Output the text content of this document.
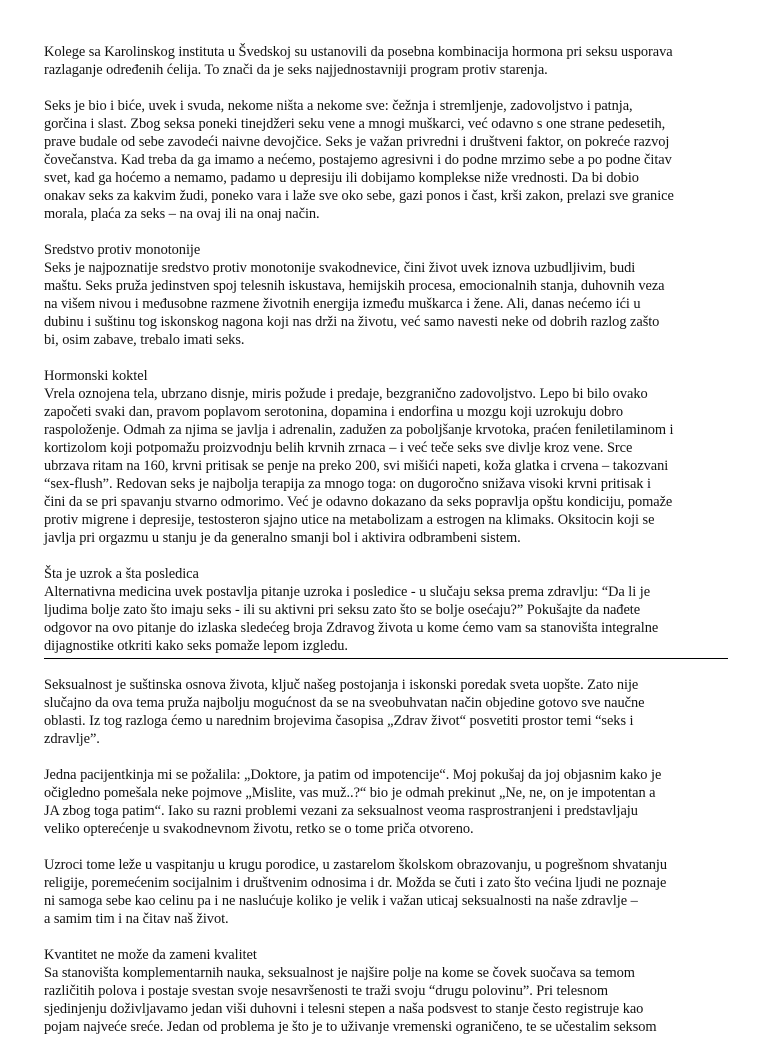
Kolege sa Karolinskog instituta u Švedskoj su ustanovili da posebna kombinacija hormona pri seksu usporava
razlaganje određenih ćelija. To znači da je seks najjednostavniji program protiv starenja.

Seks je bio i biće, uvek i svuda, nekome ništa a nekome sve: čežnja i stremljenje, zadovoljstvo i patnja,
gorčina i slast. Zbog seksa poneki tinejdžeri seku vene a mnogi muškarci, već odavno s one strane pedesetih,
prave budale od sebe zavodeći naivne devojčice. Seks je važan privredni i društveni faktor, on pokreće razvoj
čovečanstva. Kad treba da ga imamo a nećemo, postajemo agresivni i do podne mrzimo sebe a po podne čitav
svet, kad ga hoćemo a nemamo, padamo u depresiju ili dobijamo komplekse niže vrednosti. Da bi dobio
onakav seks za kakvim žudi, poneko vara i laže sve oko sebe, gazi ponos i čast, krši zakon, prelazi sve granice
morala, plaća za seks – na ovaj ili na onaj način.

Sredstvo protiv monotonije
Seks je najpoznatije sredstvo protiv monotonije svakodnevice, čini život uvek iznova uzbudljivim, budi
maštu. Seks pruža jedinstven spoj telesnih iskustava, hemijskih procesa, emocionalnih stanja, duhovnih veza
na višem nivou i međusobne razmene životnih energija između muškarca i žene. Ali, danas nećemo ići u
dubinu i suštinu tog iskonskog nagona koji nas drži na životu, već samo navesti neke od dobrih razlog zašto
bi, osim zabave, trebalo imati seks.

Hormonski koktel
Vrela oznojena tela, ubrzano disnje, miris požude i predaje, bezgranično zadovoljstvo. Lepo bi bilo ovako
započeti svaki dan, pravom poplavom serotonina, dopamina i endorfina u mozgu koji uzrokuju dobro
raspoloženje. Odmah za njima se javlja i adrenalin, zadužen za poboljšanje krvotoka, praćen feniletilaminom i
kortizolom koji potpomažu proizvodnju belih krvnih zrnaca – i već teče seks sve divlje kroz vene. Srce
ubrzava ritam na 160, krvni pritisak se penje na preko 200, svi mišići napeti, koža glatka i crvena – takozvani
“sex-flush”. Redovan seks je najbolja terapija za mnogo toga: on dugoročno snižava visoki krvni pritisak i
čini da se pri spavanju stvarno odmorimo. Već je odavno dokazano da seks popravlja opštu kondiciju, pomaže
protiv migrene i depresije, testosteron sjajno utice na metabolizam a estrogen na klimaks. Oksitocin koji se
javlja pri orgazmu u stanju je da generalno smanji bol i aktivira odbrambeni sistem.

Šta je uzrok a šta posledica
Alternativna medicina uvek postavlja pitanje uzroka i posledice - u slučaju seksa prema zdravlju: “Da li je
ljudima bolje zato što imaju seks - ili su aktivni pri seksu zato što se bolje osećaju?” Pokušajte da nađete
odgovor na ovo pitanje do izlaska sledećeg broja Zdravog života u kome ćemo vam sa stanovišta integralne
dijagnostike otkriti kako seks pomaže lepom izgledu.

Seksualnost je suštinska osnova života, ključ našeg postojanja i iskonski poredak sveta uopšte. Zato nije
slučajno da ova tema pruža najbolju mogućnost da se na sveobuhvatan način objedine gotovo sve naučne
oblasti. Iz tog razloga ćemo u narednim brojevima časopisa „Zdrav život“ posvetiti prostor temi “seks i
zdravlje”.

Jedna pacijentkinja mi se požalila: „Doktore, ja patim od impotencije“. Moj pokušaj da joj objasnim kako je
očigledno pomešala neke pojmove „Mislite, vas muž..?“ bio je odmah prekinut „Ne, ne, on je impotentan a
JA zbog toga patim“. Iako su razni problemi vezani za seksualnost veoma rasprostranjeni i predstavljaju
veliko opterećenje u svakodnevnom životu, retko se o tome priča otvoreno.

Uzroci tome leže u vaspitanju u krugu porodice, u zastarelom školskom obrazovanju, u pogrešnom shvatanju
religije, poremećenim socijalnim i društvenim odnosima i dr. Možda se čuti i zato što većina ljudi ne poznaje
ni samoga sebe kao celinu pa i ne naslućuje koliko je velik i važan uticaj seksualnosti na naše zdravlje –
a samim tim i na čitav naš život.

Kvantitet ne može da zameni kvalitet
Sa stanovišta komplementarnih nauka, seksualnost je najšire polje na kome se čovek suočava sa temom
različitih polova i postaje svestan svoje nesavršenosti te traži svoju “drugu polovinu”. Pri telesnom
sjedinjenju doživljavamo jedan viši duhovni i telesni stepen a naša podsvest to stanje često registruje kao
pojam najveće sreće. Jedan od problema je što je to uživanje vremenski ograničeno, te se učestalim seksom
